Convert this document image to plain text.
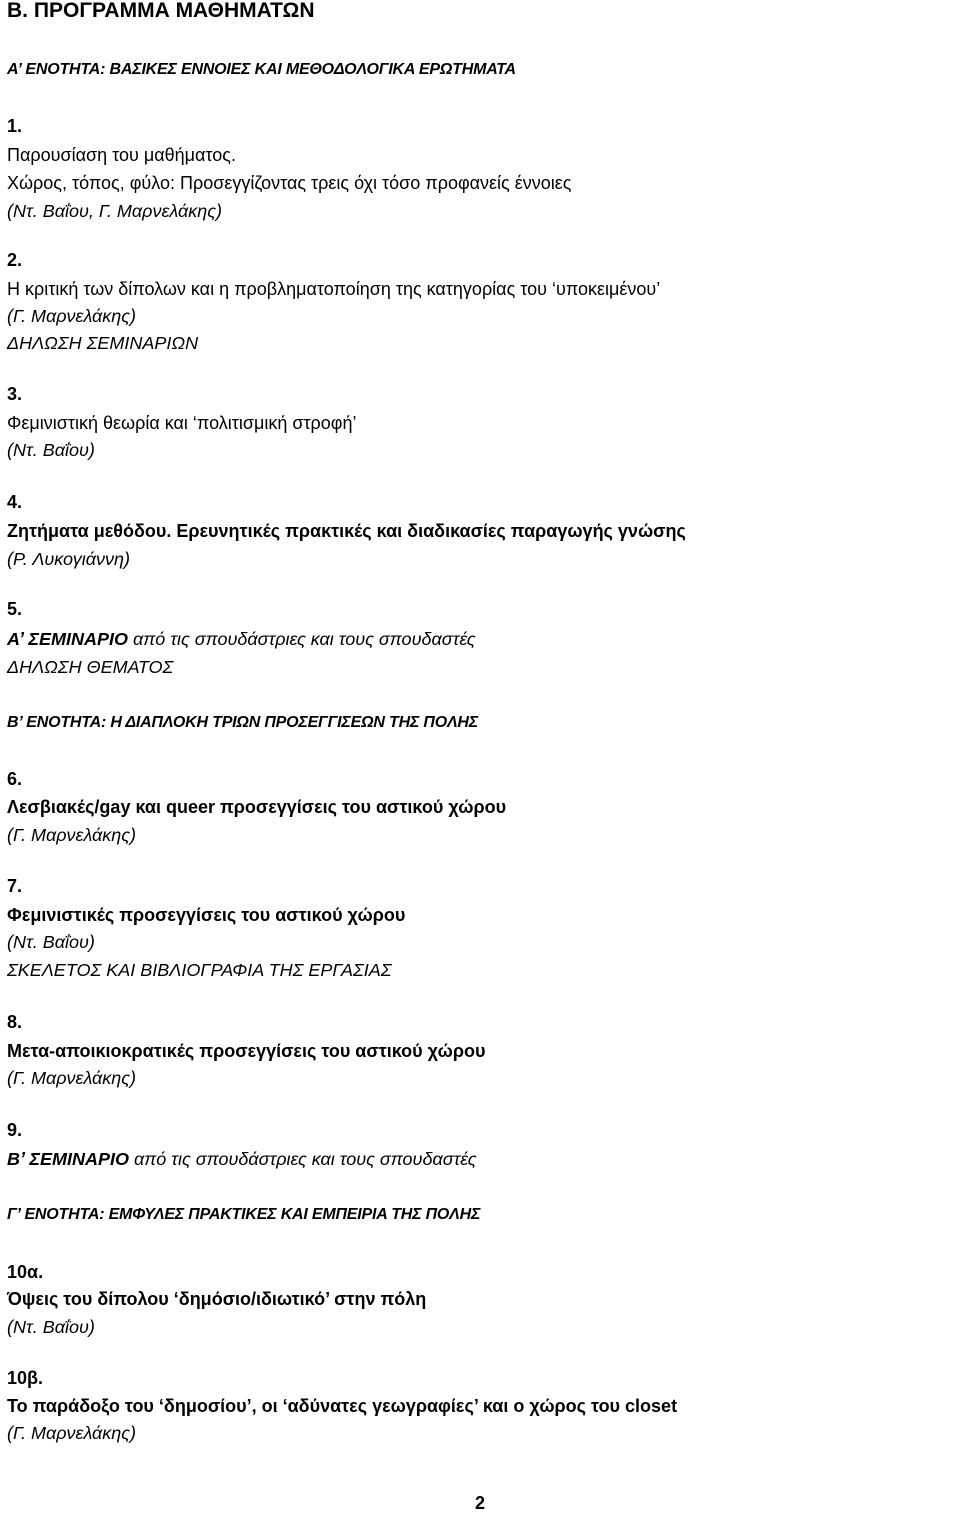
Β. ΠΡΟΓΡΑΜΜΑ ΜΑΘΗΜΑΤΩΝ
Α’ ΕΝΟΤΗΤΑ: ΒΑΣΙΚΕΣ ΕΝΝΟΙΕΣ ΚΑΙ ΜΕΘΟΔΟΛΟΓΙΚΑ ΕΡΩΤΗΜΑΤΑ
1.
Παρουσίαση του μαθήματος.
Χώρος, τόπος, φύλο: Προσεγγίζοντας τρεις όχι τόσο προφανείς έννοιες
(Ντ. Βαΐου, Γ. Μαρνελάκης)
2.
Η κριτική των δίπολων και η προβληματοποίηση της κατηγορίας του ‘υποκειμένου’
(Γ. Μαρνελάκης)
ΔΗΛΩΣΗ ΣΕΜΙΝΑΡΙΩΝ
3.
Φεμινιστική θεωρία και ‘πολιτισμική στροφή’
(Ντ. Βαΐου)
4.
Ζητήματα μεθόδου. Ερευνητικές πρακτικές και διαδικασίες παραγωγής γνώσης
(Ρ. Λυκογιάννη)
5.
Α’ ΣΕΜΙΝΑΡΙΟ από τις σπουδάστριες και τους σπουδαστές
ΔΗΛΩΣΗ ΘΕΜΑΤΟΣ
Β’ ΕΝΟΤΗΤΑ: Η ΔΙΑΠΛΟΚΗ ΤΡΙΩΝ ΠΡΟΣΕΓΓΙΣΕΩΝ ΤΗΣ ΠΟΛΗΣ
6.
Λεσβιακές/gay και queer προσεγγίσεις του αστικού χώρου
(Γ. Μαρνελάκης)
7.
Φεμινιστικές προσεγγίσεις του αστικού χώρου
(Ντ. Βαΐου)
ΣΚΕΛΕΤΟΣ ΚΑΙ ΒΙΒΛΙΟΓΡΑΦΙΑ ΤΗΣ ΕΡΓΑΣΙΑΣ
8.
Μετα-αποικιοκρατικές προσεγγίσεις του αστικού χώρου
(Γ. Μαρνελάκης)
9.
Β’ ΣΕΜΙΝΑΡΙΟ από τις σπουδάστριες και τους σπουδαστές
Γ’ ΕΝΟΤΗΤΑ: ΕΜΦΥΛΕΣ ΠΡΑΚΤΙΚΕΣ ΚΑΙ ΕΜΠΕΙΡΙΑ ΤΗΣ ΠΟΛΗΣ
10α.
Όψεις του δίπολου ‘δημόσιο/ιδιωτικό’ στην πόλη
(Ντ. Βαΐου)
10β.
Το παράδοξο του ‘δημοσίου’, οι ‘αδύνατες γεωγραφίες’ και ο χώρος του closet
(Γ. Μαρνελάκης)
2
